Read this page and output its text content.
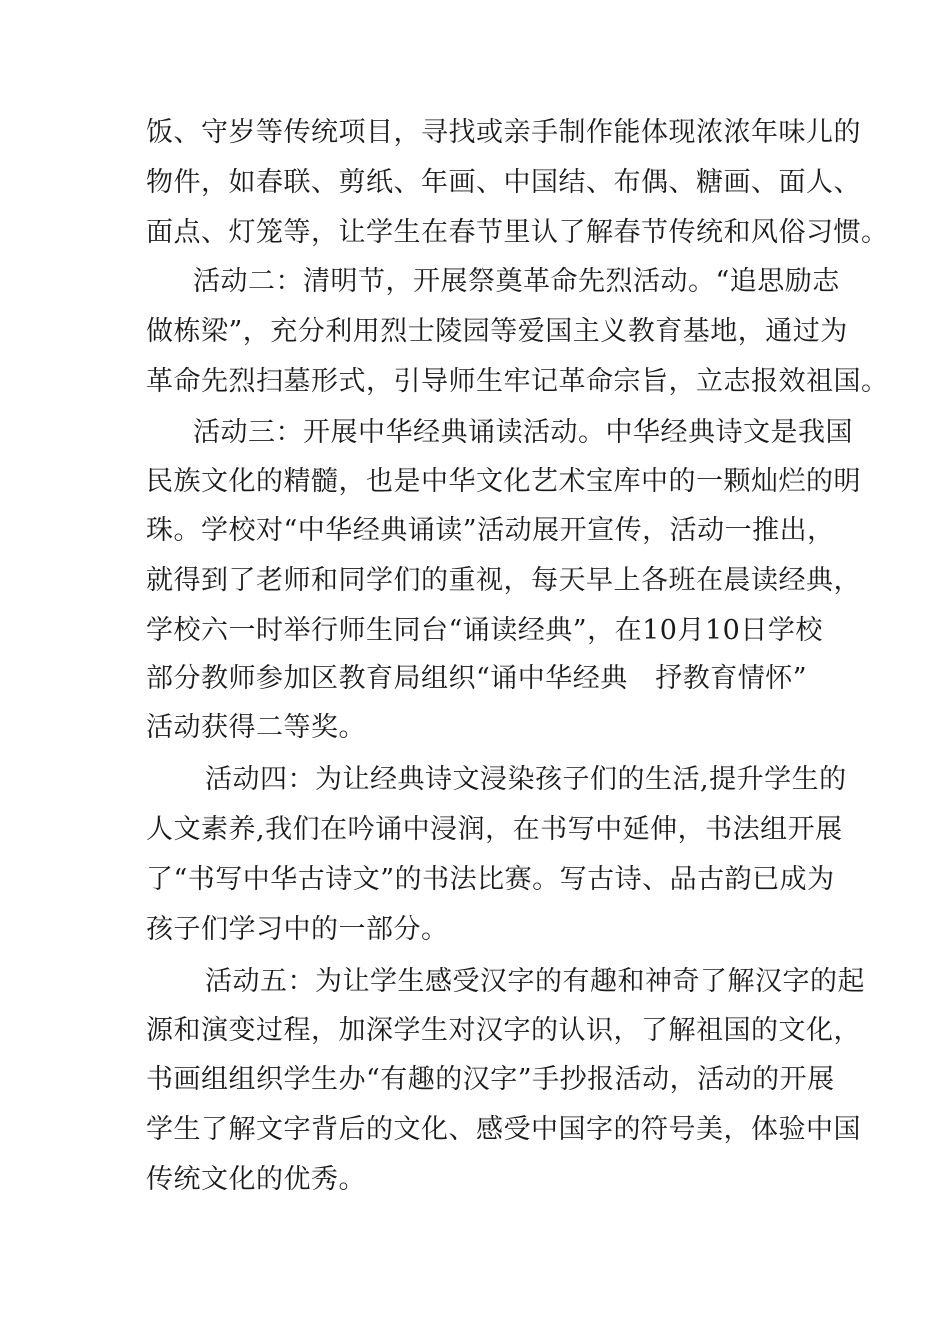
饭、守岁等传统项目，寻找或亲手制作能体现浓浓年味儿的
物件，如春联、剪纸、年画、中国结、布偶、糖画、面人、
面点、灯笼等，让学生在春节里认了解春节传统和风俗习惯。
活动二：清明节，开展祭奠革命先烈活动。“追思励志
做栋梁”，充分利用烈士陵园等爱国主义教育基地，通过为
革命先烈扫墓形式，引导师生牢记革命宗旨，立志报效祖国。
活动三：开展中华经典诵读活动。中华经典诗文是我国
民族文化的精髓，也是中华文化艺术宝库中的一颗灿烂的明
珠。学校对“中华经典诵读”活动展开宣传，活动一推出，
就得到了老师和同学们的重视，每天早上各班在晨读经典，
学校六一时举行师生同台“诵读经典”，在10月10日学校
部分教师参加区教育局组织“诵中华经典　抒教育情怀”
活动获得二等奖。
活动四：为让经典诗文浸染孩子们的生活,提升学生的
人文素养,我们在吟诵中浸润，在书写中延伸，书法组开展
了“书写中华古诗文”的书法比赛。写古诗、品古韵已成为
孩子们学习中的一部分。
活动五：为让学生感受汉字的有趣和神奇了解汉字的起
源和演变过程，加深学生对汉字的认识，了解祖国的文化，
书画组组织学生办“有趣的汉字”手抄报活动，活动的开展
学生了解文字背后的文化、感受中国字的符号美，体验中国
传统文化的优秀。
